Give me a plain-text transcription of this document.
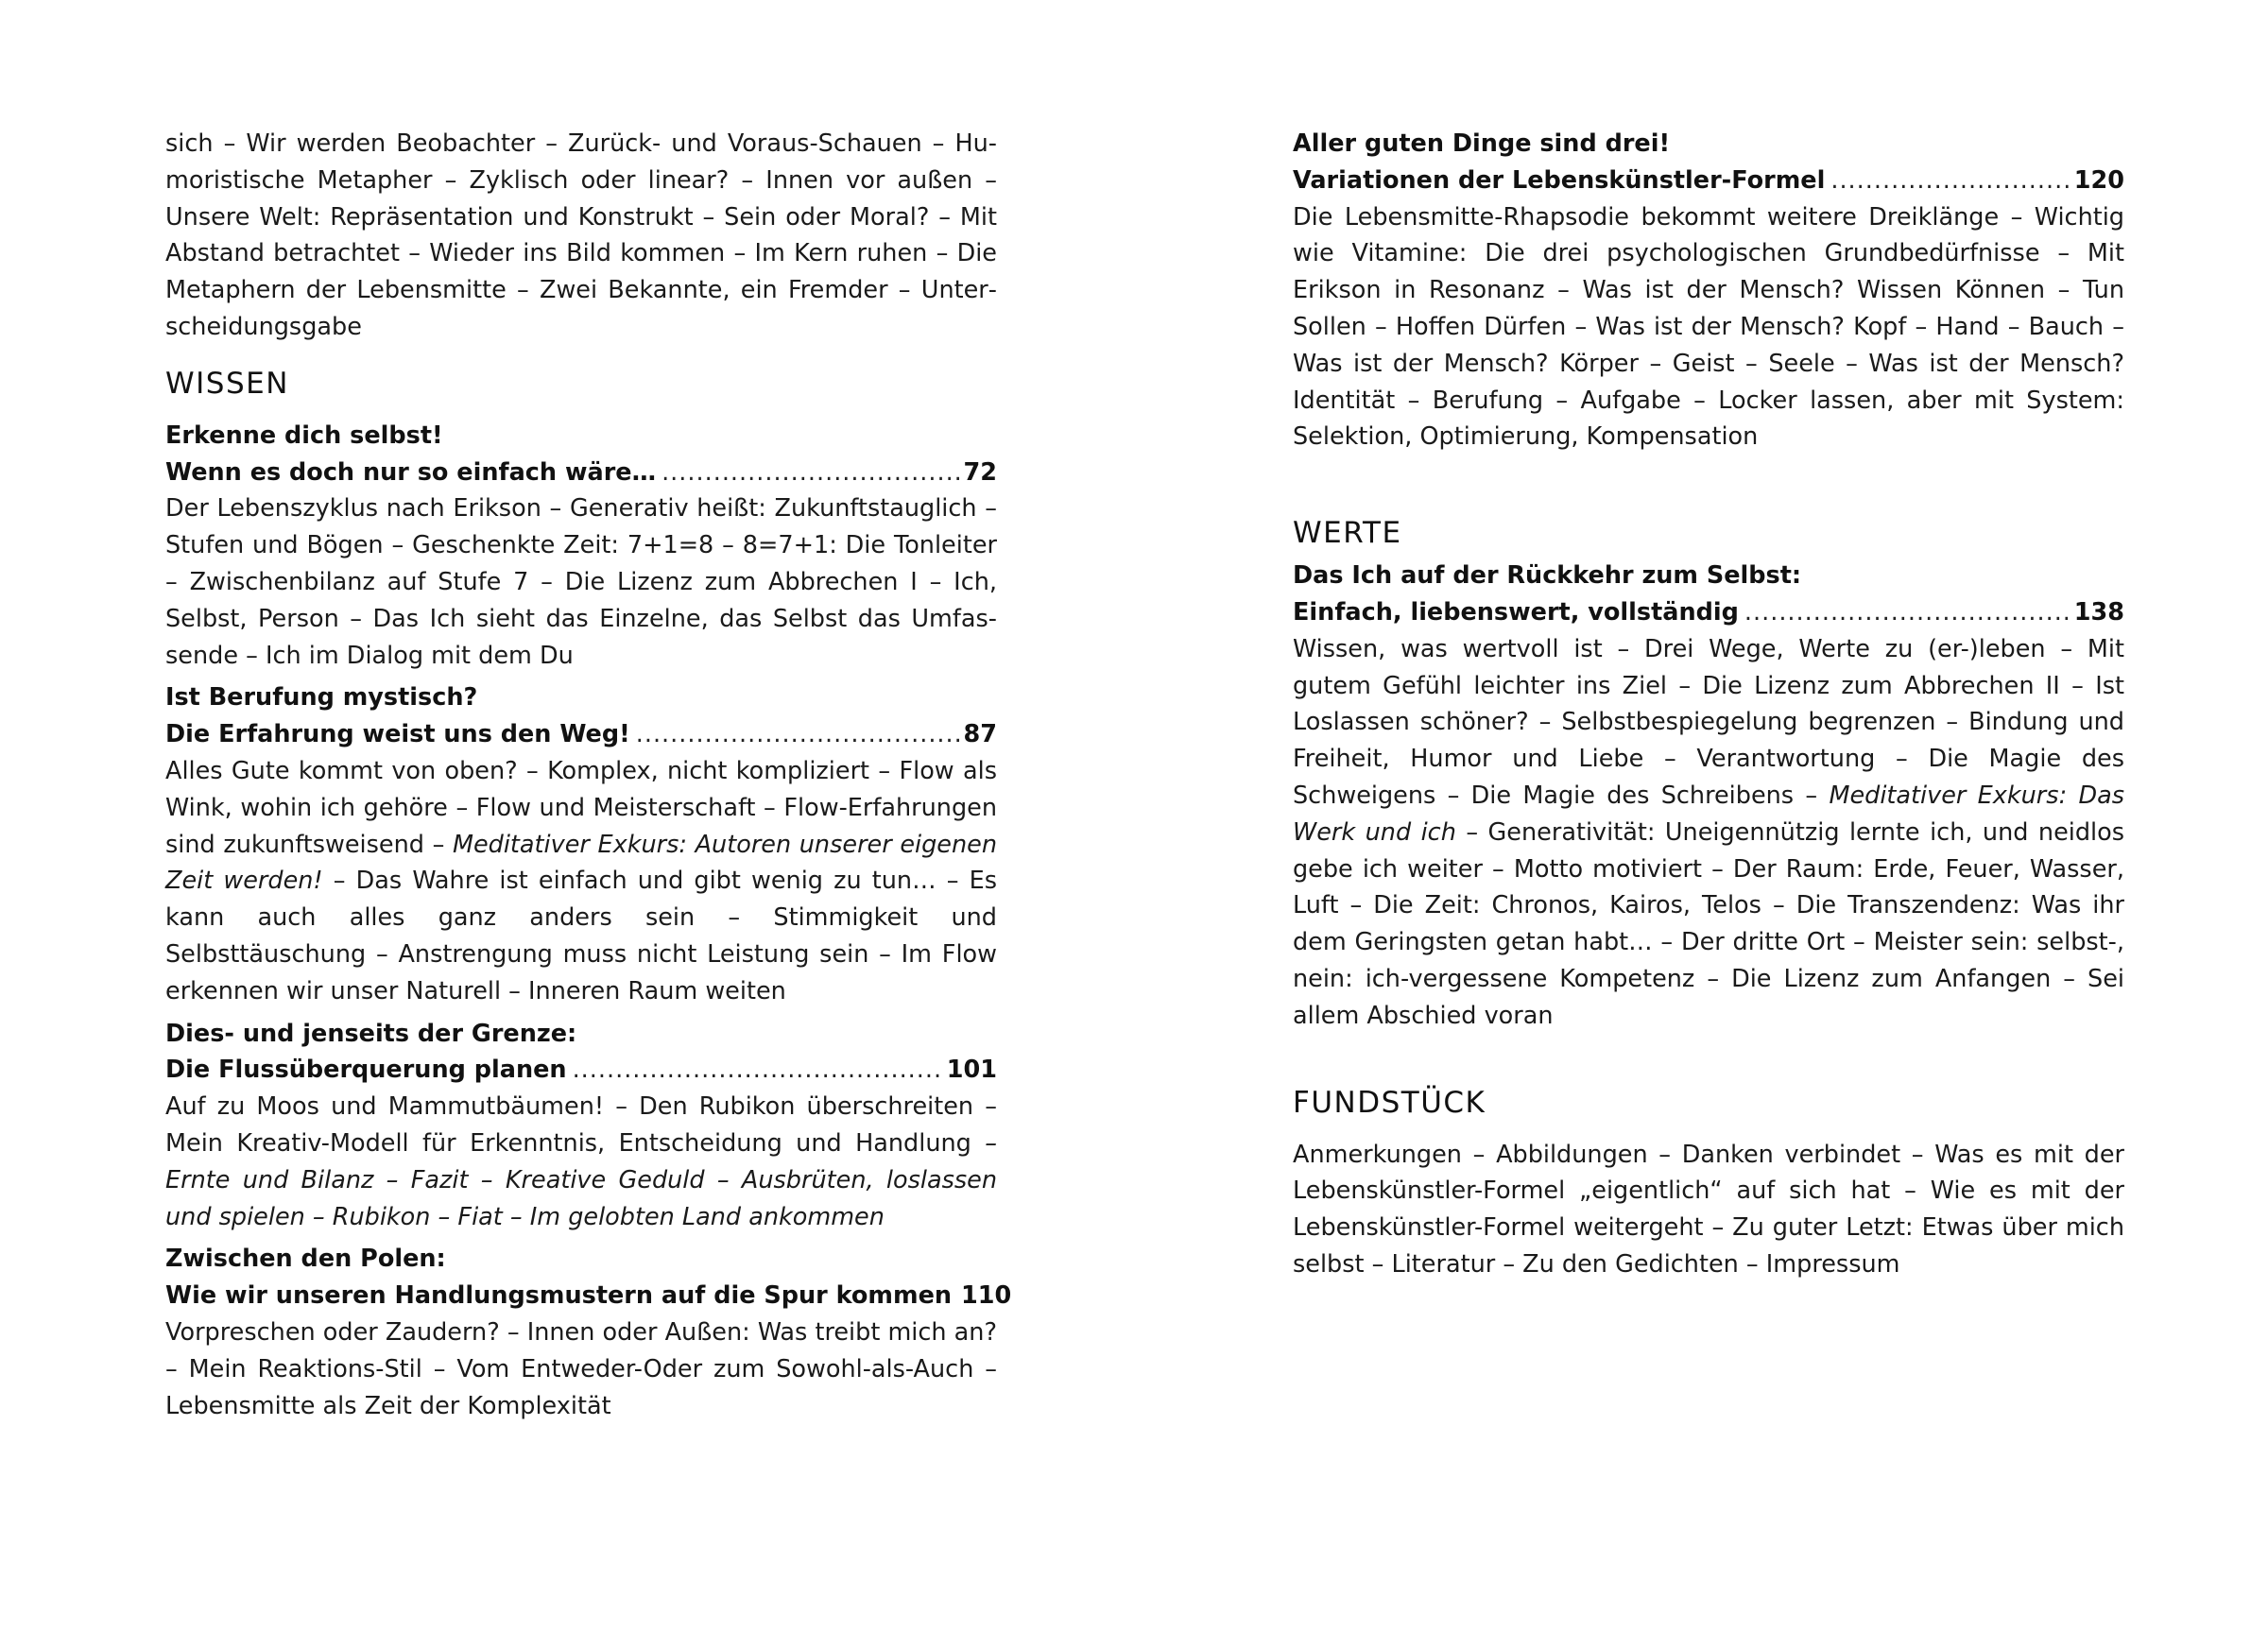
sich – Wir werden Beobachter – Zurück- und Voraus-Schauen – Humoristische Metapher – Zyklisch oder linear? – Innen vor außen – Unsere Welt: Repräsentation und Konstrukt – Sein oder Moral? – Mit Abstand betrachtet – Wieder ins Bild kommen – Im Kern ruhen – Die Metaphern der Lebensmitte – Zwei Bekannte, ein Fremder – Unterscheidungsgabe

WISSEN

Erkenne dich selbst!

Wenn es doch nur so einfach wäre… .....	72

Der Lebenszyklus nach Erikson – Generativ heißt: Zukunftstauglich – Stufen und Bögen – Geschenkte Zeit: 7+1=8 – 8=7+1: Die Tonleiter – Zwischenbilanz auf Stufe 7 – Die Lizenz zum Abbrechen I – Ich, Selbst, Person – Das Ich sieht das Einzelne, das Selbst das Umfassende – Ich im Dialog mit dem Du

Ist Berufung mystisch?

Die Erfahrung weist uns den Weg! .....	87

Alles Gute kommt von oben? – Komplex, nicht kompliziert – Flow als Wink, wohin ich gehöre – Flow und Meisterschaft – Flow-Erfahrungen sind zukunftsweisend – Meditativer Exkurs: Autoren unserer eigenen Zeit werden! – Das Wahre ist einfach und gibt wenig zu tun… – Es kann auch alles ganz anders sein – Stimmigkeit und Selbsttäuschung – Anstrengung muss nicht Leistung sein – Im Flow erkennen wir unser Naturell – Inneren Raum weiten

Dies- und jenseits der Grenze:

Die Flussüberquerung planen .....	101

Auf zu Moos und Mammutbäumen! – Den Rubikon überschreiten – Mein Kreativ-Modell für Erkenntnis, Entscheidung und Handlung – Ernte und Bilanz – Fazit – Kreative Geduld – Ausbrüten, loslassen und spielen – Rubikon – Fiat – Im gelobten Land ankommen

Zwischen den Polen:

Wie wir unseren Handlungsmustern auf die Spur kommen 110

Vorpreschen oder Zaudern? – Innen oder Außen: Was treibt mich an? – Mein Reaktions-Stil – Vom Entweder-Oder zum Sowohl-als-Auch – Lebensmitte als Zeit der Komplexität

Aller guten Dinge sind drei!

Variationen der Lebenskünstler-Formel .....	120

Die Lebensmitte-Rhapsodie bekommt weitere Dreiklänge – Wichtig wie Vitamine: Die drei psychologischen Grundbedürfnisse – Mit Erikson in Resonanz – Was ist der Mensch? Wissen Können – Tun Sollen – Hoffen Dürfen – Was ist der Mensch? Kopf – Hand – Bauch – Was ist der Mensch? Körper – Geist – Seele – Was ist der Mensch? Identität – Berufung – Aufgabe – Locker lassen, aber mit System: Selektion, Optimierung, Kompensation

WERTE

Das Ich auf der Rückkehr zum Selbst:

Einfach, liebenswert, vollständig .....	138

Wissen, was wertvoll ist – Drei Wege, Werte zu (er-)leben – Mit gutem Gefühl leichter ins Ziel – Die Lizenz zum Abbrechen II – Ist Loslassen schöner? – Selbstbespiegelung begrenzen – Bindung und Freiheit, Humor und Liebe – Verantwortung – Die Magie des Schweigens – Die Magie des Schreibens – Meditativer Exkurs: Das Werk und ich – Generativität: Uneigennützig lernte ich, und neidlos gebe ich weiter – Motto motiviert – Der Raum: Erde, Feuer, Wasser, Luft – Die Zeit: Chronos, Kairos, Telos – Die Transzendenz: Was ihr dem Geringsten getan habt… – Der dritte Ort – Meister sein: selbst-, nein: ich-vergessene Kompetenz – Die Lizenz zum Anfangen – Sei allem Abschied voran

FUNDSTÜCK

Anmerkungen – Abbildungen – Danken verbindet – Was es mit der Lebenskünstler-Formel „eigentlich“ auf sich hat – Wie es mit der Lebenskünstler-Formel weitergeht – Zu guter Letzt: Etwas über mich selbst – Literatur – Zu den Gedichten – Impressum
